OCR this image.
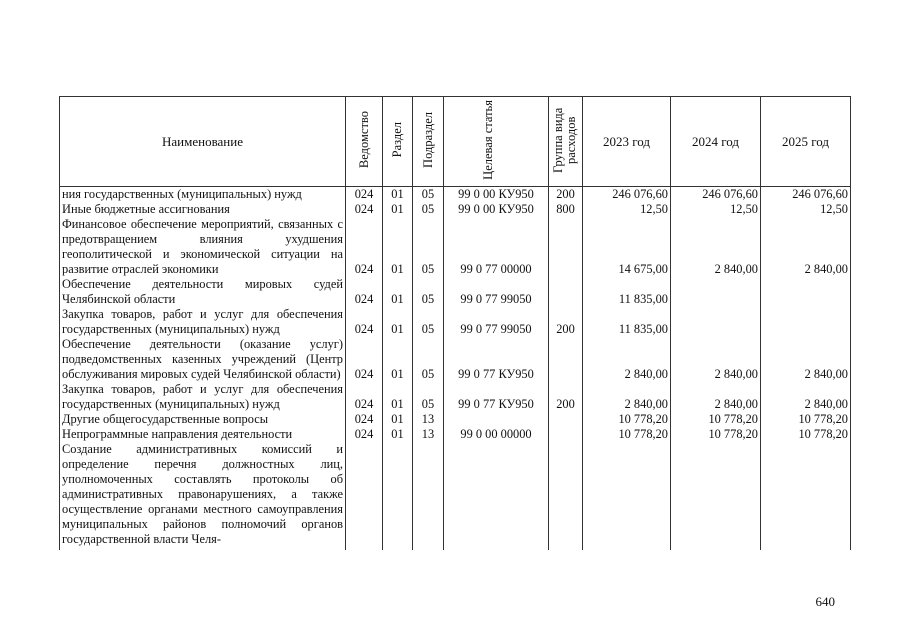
Наименование	Ведомство	Раздел	Подраздел	Целевая статья	Группа вида расходов	2023 год	2024 год	2025 год
ния государственных (муниципальных) нужд	024	01	05	99 0 00 КУ950	200	246 076,60	246 076,60	246 076,60
Иные бюджетные ассигнования	024	01	05	99 0 00 КУ950	800	12,50	12,50	12,50
Финансовое обеспечение мероприятий, связанных с предотвращением влияния ухудшения геополитической и экономической ситуации на развитие отраслей экономики	024	01	05	99 0 77 00000		14 675,00	2 840,00	2 840,00
Обеспечение деятельности мировых судей Челябинской области	024	01	05	99 0 77 99050		11 835,00		
Закупка товаров, работ и услуг для обеспечения государственных (муниципальных) нужд	024	01	05	99 0 77 99050	200	11 835,00		
Обеспечение деятельности (оказание услуг) подведомственных казенных учреждений (Центр обслуживания мировых судей Челябинской области)	024	01	05	99 0 77 КУ950		2 840,00	2 840,00	2 840,00
Закупка товаров, работ и услуг для обеспечения государственных (муниципальных) нужд	024	01	05	99 0 77 КУ950	200	2 840,00	2 840,00	2 840,00
Другие общегосударственные вопросы	024	01	13			10 778,20	10 778,20	10 778,20
Непрограммные направления деятельности	024	01	13	99 0 00 00000		10 778,20	10 778,20	10 778,20
Создание административных комиссий и определение перечня должностных лиц, уполномоченных составлять протоколы об административных правонарушениях, а также осуществление органами местного самоуправления муниципальных районов полномочий органов государственной власти Челя-								
640
